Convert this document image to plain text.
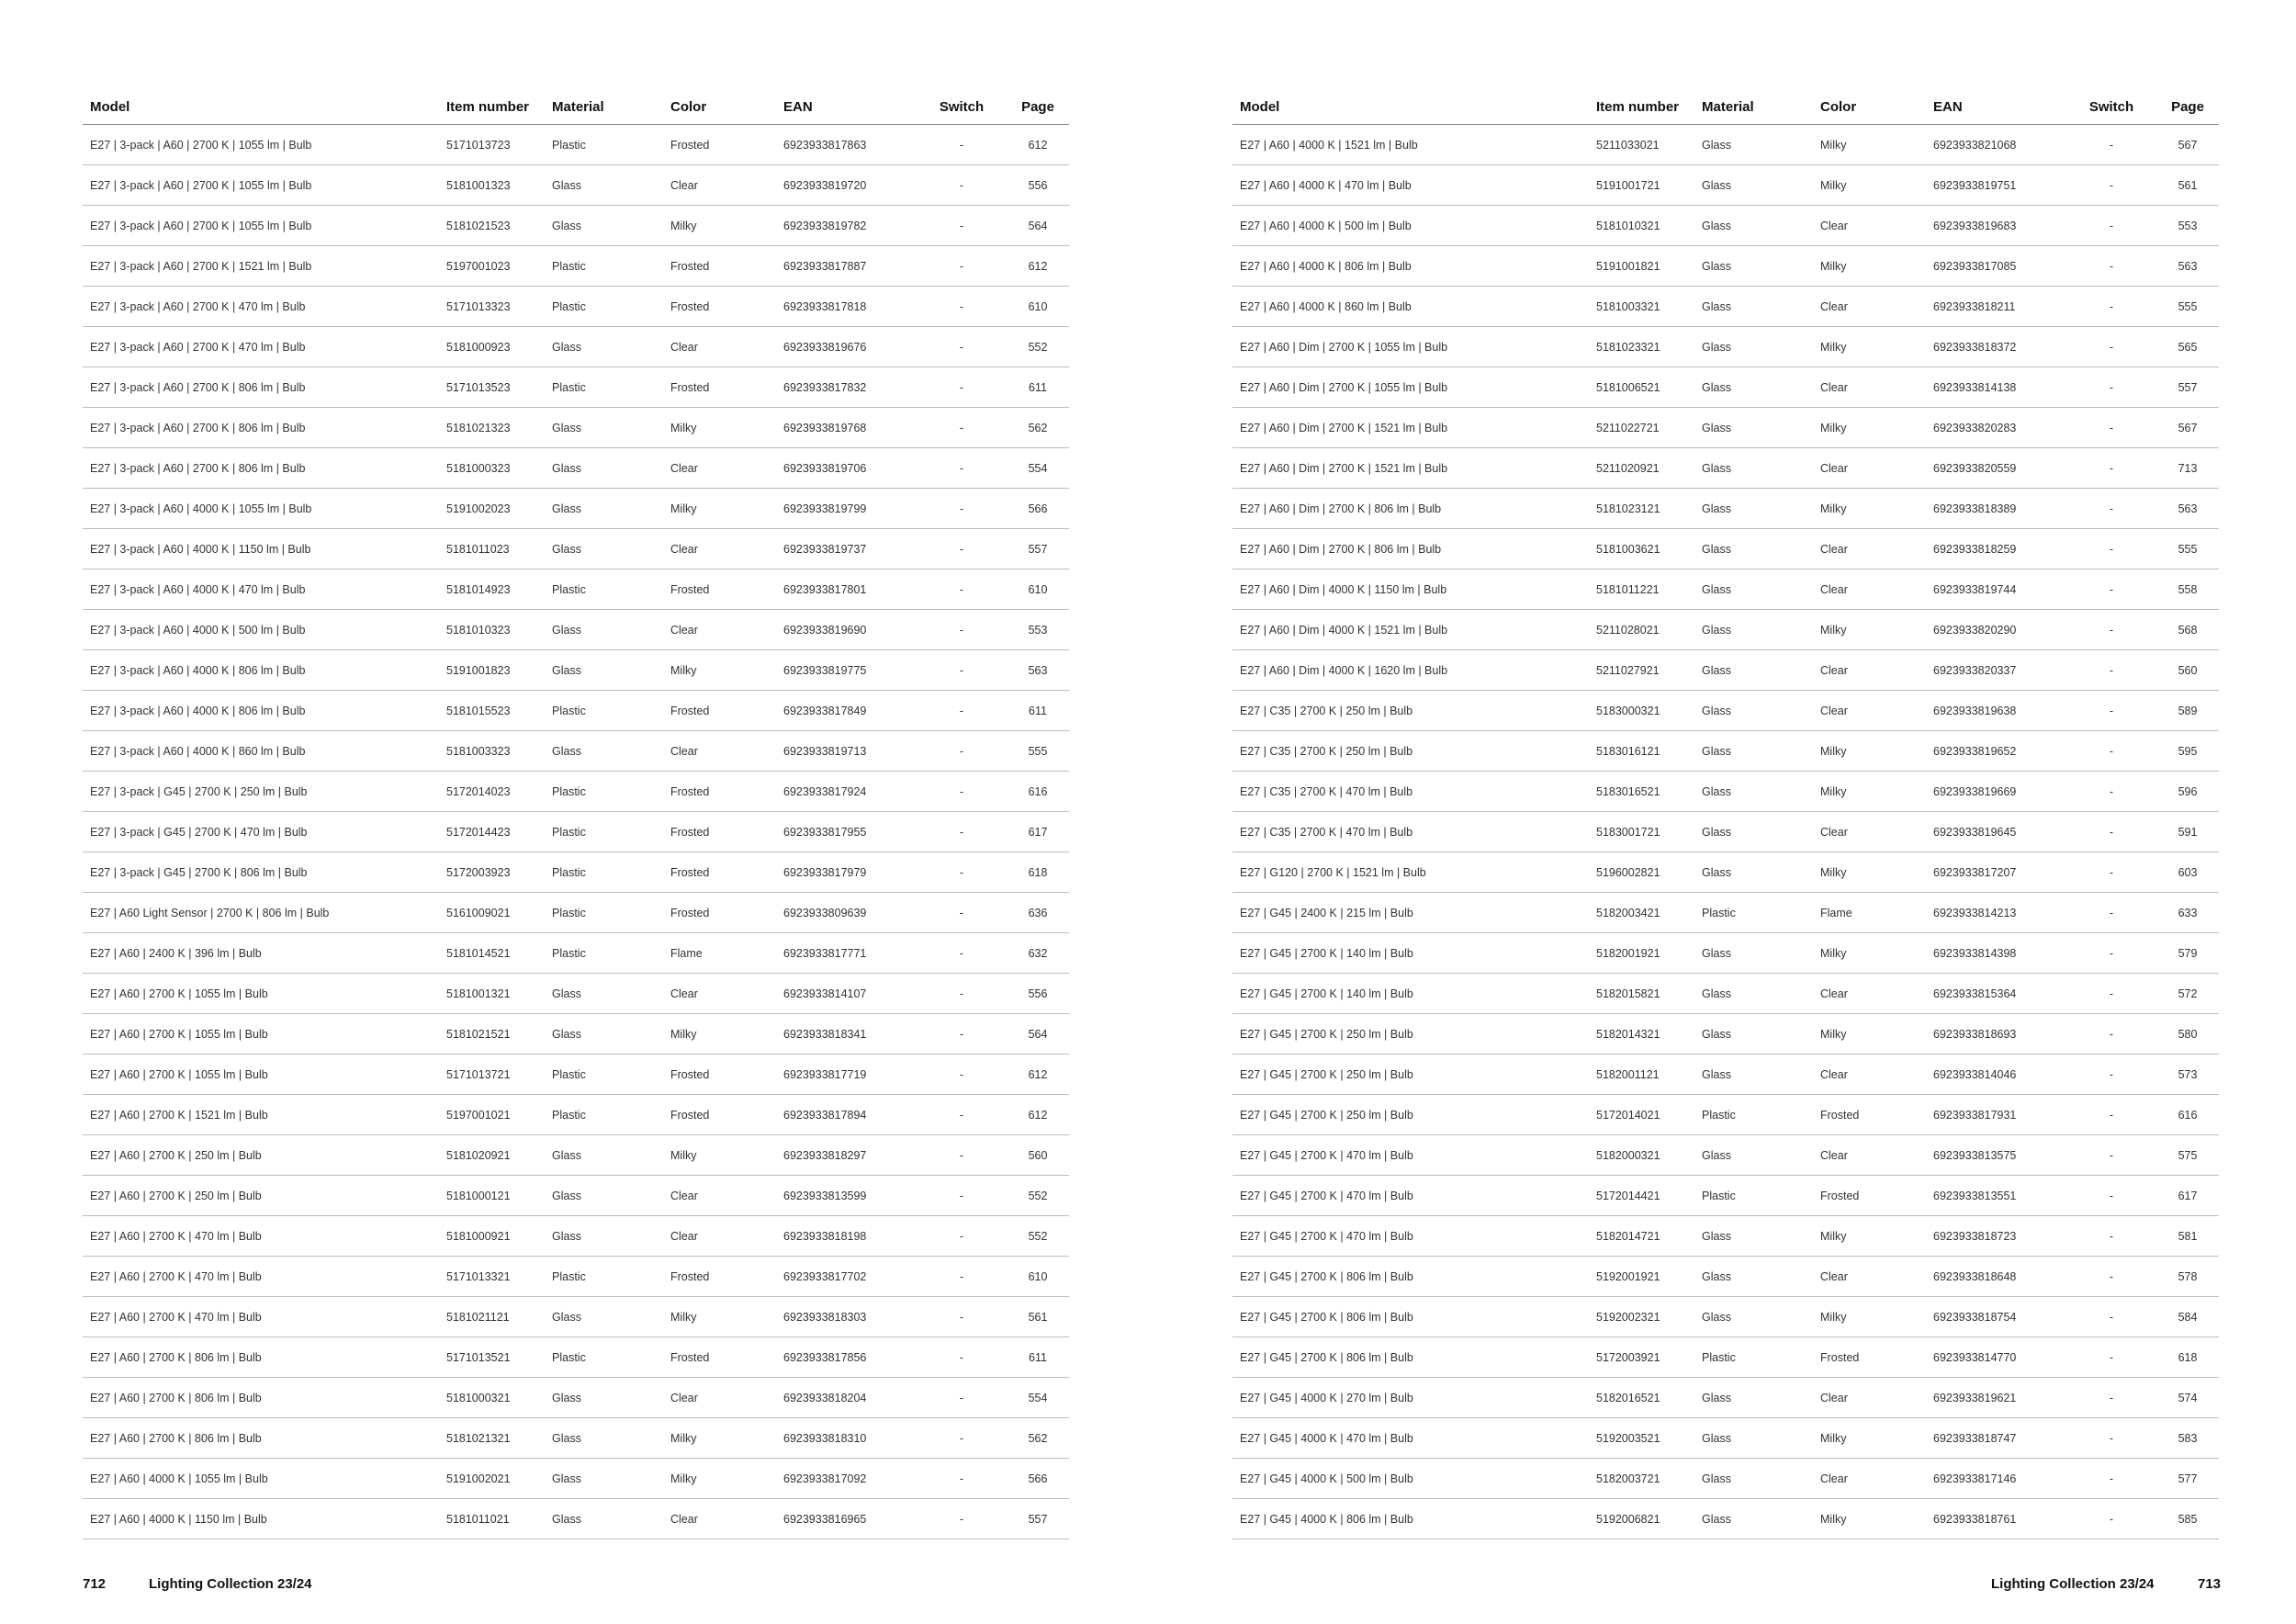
Model	Item number	Material	Color	EAN	Switch	Page
E27 | 3-pack | A60 | 2700 K | 1055 lm | Bulb	5171013723	Plastic	Frosted	6923933817863	-	612
E27 | 3-pack | A60 | 2700 K | 1055 lm | Bulb	5181001323	Glass	Clear	6923933819720	-	556
E27 | 3-pack | A60 | 2700 K | 1055 lm | Bulb	5181021523	Glass	Milky	6923933819782	-	564
E27 | 3-pack | A60 | 2700 K | 1521 lm | Bulb	5197001023	Plastic	Frosted	6923933817887	-	612
E27 | 3-pack | A60 | 2700 K | 470 lm | Bulb	5171013323	Plastic	Frosted	6923933817818	-	610
E27 | 3-pack | A60 | 2700 K | 470 lm | Bulb	5181000923	Glass	Clear	6923933819676	-	552
E27 | 3-pack | A60 | 2700 K | 806 lm | Bulb	5171013523	Plastic	Frosted	6923933817832	-	611
E27 | 3-pack | A60 | 2700 K | 806 lm | Bulb	5181021323	Glass	Milky	6923933819768	-	562
E27 | 3-pack | A60 | 2700 K | 806 lm | Bulb	5181000323	Glass	Clear	6923933819706	-	554
E27 | 3-pack | A60 | 4000 K | 1055 lm | Bulb	5191002023	Glass	Milky	6923933819799	-	566
E27 | 3-pack | A60 | 4000 K | 1150 lm | Bulb	5181011023	Glass	Clear	6923933819737	-	557
E27 | 3-pack | A60 | 4000 K | 470 lm | Bulb	5181014923	Plastic	Frosted	6923933817801	-	610
E27 | 3-pack | A60 | 4000 K | 500 lm | Bulb	5181010323	Glass	Clear	6923933819690	-	553
E27 | 3-pack | A60 | 4000 K | 806 lm | Bulb	5191001823	Glass	Milky	6923933819775	-	563
E27 | 3-pack | A60 | 4000 K | 806 lm | Bulb	5181015523	Plastic	Frosted	6923933817849	-	611
E27 | 3-pack | A60 | 4000 K | 860 lm | Bulb	5181003323	Glass	Clear	6923933819713	-	555
E27 | 3-pack | G45 | 2700 K | 250 lm | Bulb	5172014023	Plastic	Frosted	6923933817924	-	616
E27 | 3-pack | G45 | 2700 K | 470 lm | Bulb	5172014423	Plastic	Frosted	6923933817955	-	617
E27 | 3-pack | G45 | 2700 K | 806 lm | Bulb	5172003923	Plastic	Frosted	6923933817979	-	618
E27 | A60 Light Sensor | 2700 K | 806 lm | Bulb	5161009021	Plastic	Frosted	6923933809639	-	636
E27 | A60 | 2400 K | 396 lm | Bulb	5181014521	Plastic	Flame	6923933817771	-	632
E27 | A60 | 2700 K | 1055 lm | Bulb	5181001321	Glass	Clear	6923933814107	-	556
E27 | A60 | 2700 K | 1055 lm | Bulb	5181021521	Glass	Milky	6923933818341	-	564
E27 | A60 | 2700 K | 1055 lm | Bulb	5171013721	Plastic	Frosted	6923933817719	-	612
E27 | A60 | 2700 K | 1521 lm | Bulb	5197001021	Plastic	Frosted	6923933817894	-	612
E27 | A60 | 2700 K | 250 lm | Bulb	5181020921	Glass	Milky	6923933818297	-	560
E27 | A60 | 2700 K | 250 lm | Bulb	5181000121	Glass	Clear	6923933813599	-	552
E27 | A60 | 2700 K | 470 lm | Bulb	5181000921	Glass	Clear	6923933818198	-	552
E27 | A60 | 2700 K | 470 lm | Bulb	5171013321	Plastic	Frosted	6923933817702	-	610
E27 | A60 | 2700 K | 470 lm | Bulb	5181021121	Glass	Milky	6923933818303	-	561
E27 | A60 | 2700 K | 806 lm | Bulb	5171013521	Plastic	Frosted	6923933817856	-	611
E27 | A60 | 2700 K | 806 lm | Bulb	5181000321	Glass	Clear	6923933818204	-	554
E27 | A60 | 2700 K | 806 lm | Bulb	5181021321	Glass	Milky	6923933818310	-	562
E27 | A60 | 4000 K | 1055 lm | Bulb	5191002021	Glass	Milky	6923933817092	-	566
E27 | A60 | 4000 K | 1150 lm | Bulb	5181011021	Glass	Clear	6923933816965	-	557
712	Lighting Collection 23/24
Model	Item number	Material	Color	EAN	Switch	Page
E27 | A60 | 4000 K | 1521 lm | Bulb	5211033021	Glass	Milky	6923933821068	-	567
E27 | A60 | 4000 K | 470 lm | Bulb	5191001721	Glass	Milky	6923933819751	-	561
E27 | A60 | 4000 K | 500 lm | Bulb	5181010321	Glass	Clear	6923933819683	-	553
E27 | A60 | 4000 K | 806 lm | Bulb	5191001821	Glass	Milky	6923933817085	-	563
E27 | A60 | 4000 K | 860 lm | Bulb	5181003321	Glass	Clear	6923933818211	-	555
E27 | A60 | Dim | 2700 K | 1055 lm | Bulb	5181023321	Glass	Milky	6923933818372	-	565
E27 | A60 | Dim | 2700 K | 1055 lm | Bulb	5181006521	Glass	Clear	6923933814138	-	557
E27 | A60 | Dim | 2700 K | 1521 lm | Bulb	5211022721	Glass	Milky	6923933820283	-	567
E27 | A60 | Dim | 2700 K | 1521 lm | Bulb	5211020921	Glass	Clear	6923933820559	-	713
E27 | A60 | Dim | 2700 K | 806 lm | Bulb	5181023121	Glass	Milky	6923933818389	-	563
E27 | A60 | Dim | 2700 K | 806 lm | Bulb	5181003621	Glass	Clear	6923933818259	-	555
E27 | A60 | Dim | 4000 K | 1150 lm | Bulb	5181011221	Glass	Clear	6923933819744	-	558
E27 | A60 | Dim | 4000 K | 1521 lm | Bulb	5211028021	Glass	Milky	6923933820290	-	568
E27 | A60 | Dim | 4000 K | 1620 lm | Bulb	5211027921	Glass	Clear	6923933820337	-	560
E27 | C35 | 2700 K | 250 lm | Bulb	5183000321	Glass	Clear	6923933819638	-	589
E27 | C35 | 2700 K | 250 lm | Bulb	5183016121	Glass	Milky	6923933819652	-	595
E27 | C35 | 2700 K | 470 lm | Bulb	5183016521	Glass	Milky	6923933819669	-	596
E27 | C35 | 2700 K | 470 lm | Bulb	5183001721	Glass	Clear	6923933819645	-	591
E27 | G120 | 2700 K | 1521 lm | Bulb	5196002821	Glass	Milky	6923933817207	-	603
E27 | G45 | 2400 K | 215 lm | Bulb	5182003421	Plastic	Flame	6923933814213	-	633
E27 | G45 | 2700 K | 140 lm | Bulb	5182001921	Glass	Milky	6923933814398	-	579
E27 | G45 | 2700 K | 140 lm | Bulb	5182015821	Glass	Clear	6923933815364	-	572
E27 | G45 | 2700 K | 250 lm | Bulb	5182014321	Glass	Milky	6923933818693	-	580
E27 | G45 | 2700 K | 250 lm | Bulb	5182001121	Glass	Clear	6923933814046	-	573
E27 | G45 | 2700 K | 250 lm | Bulb	5172014021	Plastic	Frosted	6923933817931	-	616
E27 | G45 | 2700 K | 470 lm | Bulb	5182000321	Glass	Clear	6923933813575	-	575
E27 | G45 | 2700 K | 470 lm | Bulb	5172014421	Plastic	Frosted	6923933813551	-	617
E27 | G45 | 2700 K | 470 lm | Bulb	5182014721	Glass	Milky	6923933818723	-	581
E27 | G45 | 2700 K | 806 lm | Bulb	5192001921	Glass	Clear	6923933818648	-	578
E27 | G45 | 2700 K | 806 lm | Bulb	5192002321	Glass	Milky	6923933818754	-	584
E27 | G45 | 2700 K | 806 lm | Bulb	5172003921	Plastic	Frosted	6923933814770	-	618
E27 | G45 | 4000 K | 270 lm | Bulb	5182016521	Glass	Clear	6923933819621	-	574
E27 | G45 | 4000 K | 470 lm | Bulb	5192003521	Glass	Milky	6923933818747	-	583
E27 | G45 | 4000 K | 500 lm | Bulb	5182003721	Glass	Clear	6923933817146	-	577
E27 | G45 | 4000 K | 806 lm | Bulb	5192006821	Glass	Milky	6923933818761	-	585
Lighting Collection 23/24	713
